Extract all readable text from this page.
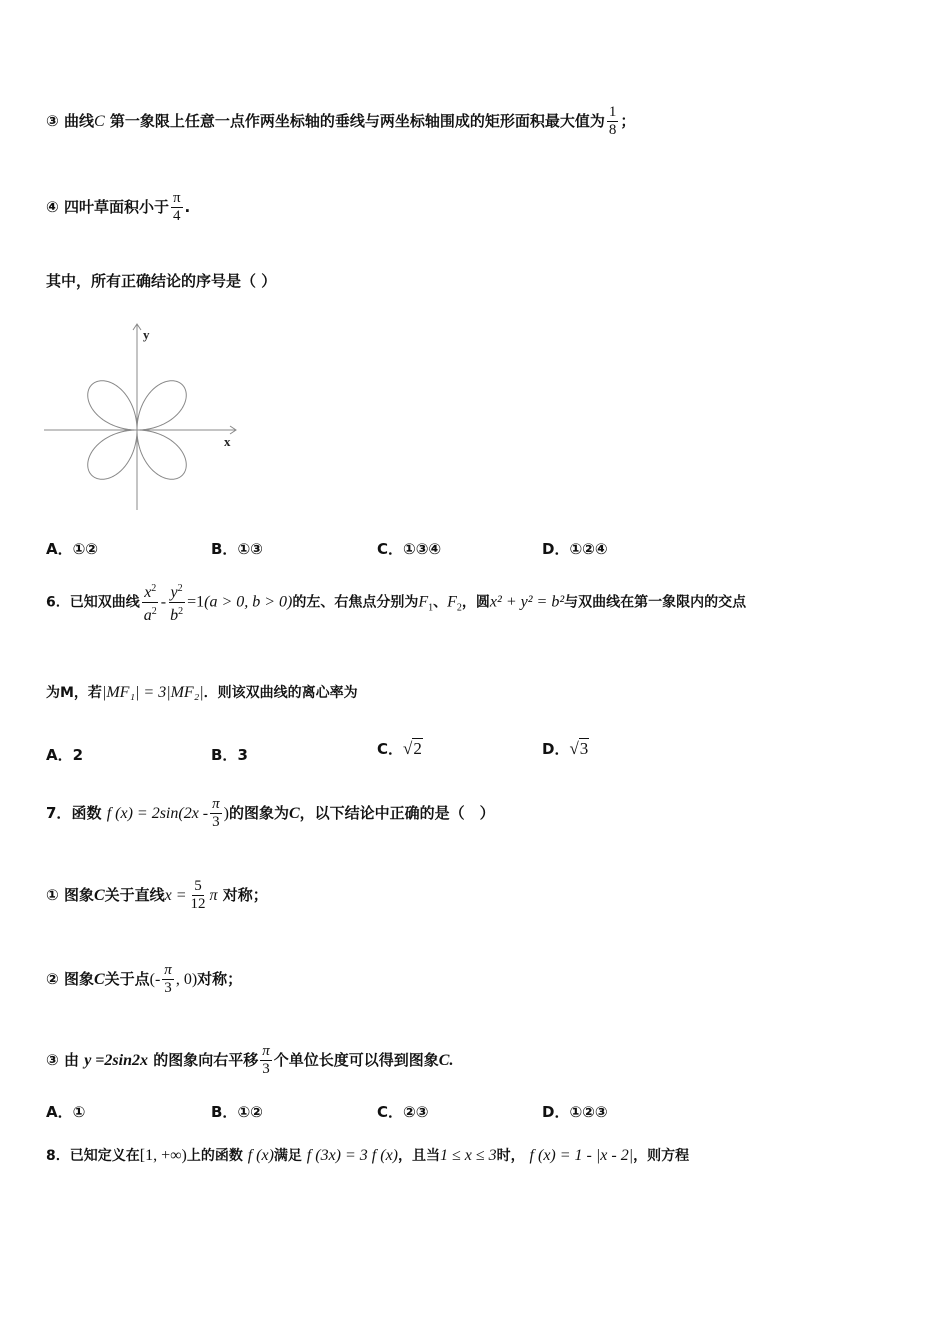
③ 曲线C 第一象限上任意一点作两坐标轴的垂线与两坐标轴围成的矩形面积最大值为 $\frac{1}{8}$ ；
④ 四叶草面积小于 $\frac{\pi}{4}$ .
其中，所有正确结论的序号是（ ）
x
y
A．①②	B．①③	C．①③④	D．①②④
6．已知双曲线 $\frac{x^2}{a^2} - \frac{y^2}{b^2} =1(a > 0$, b > 0)的左、右焦点分别为$F_1$、$F_2$，圆x² + y² = b²与双曲线在第一象限内的交点
为M，若|MF₁| = 3|MF₂|．则该双曲线的离心率为
A．2	B．3	C．√2	D．√3
7．函数 f $(x) = 2\sin(2x - \frac{\pi}{3}$ )的图象为C，以下结论中正确的是（　）
① 图象C关于直线$x = \frac{5}{12}$ π 对称；
② 图象C关于点(- $\frac{\pi}{3}$ , 0)对称；
③ 由 y =2sin2x 的图象向右平移 $\frac{\pi}{3}$ 个单位长度可以得到图象C.
A．①	B．①②	C．②③	D．①②③
8．已知定义在[1, +∞)上的函数 f (x)满足 f (3x) = 3 f (x)，且当1 ≤ x ≤ 3时， f (x) = 1 - |x - 2|，则方程
